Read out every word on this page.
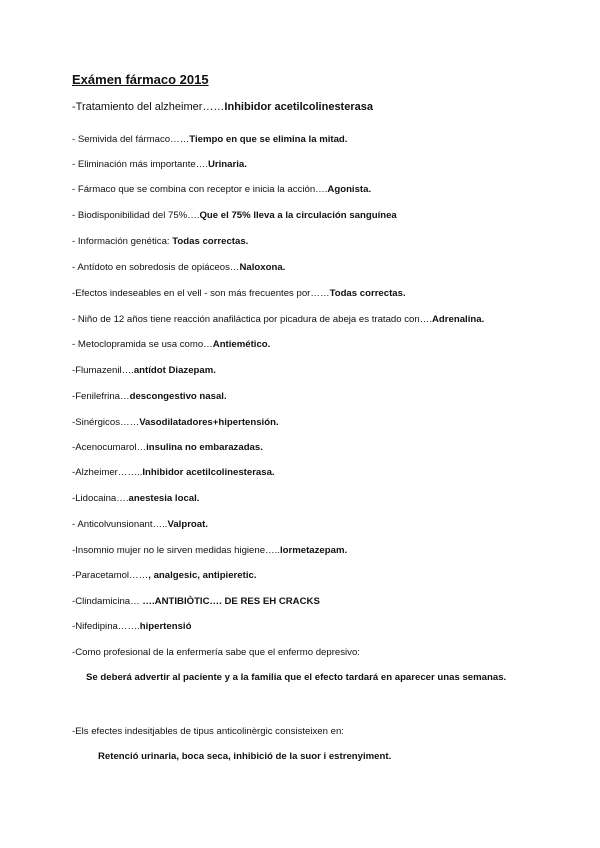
Exámen fármaco 2015
-Tratamiento del alzheimer……Inhibidor acetilcolinesterasa
- Semivida del fármaco……Tiempo en que se elimina la mitad.
- Eliminación más importante….Urinaria.
- Fármaco que se combina con receptor e inicia la acción….Agonista.
- Biodisponibilidad del 75%….Que el 75% lleva a la circulación sanguínea
- Información genética: Todas correctas.
- Antídoto en sobredosis de opiáceos…Naloxona.
-Efectos indeseables en el vell - son más frecuentes por……Todas correctas.
- Niño de 12 años tiene reacción anafiláctica por picadura de abeja es tratado con….Adrenalina.
- Metoclopramida se usa como…Antiemético.
-Flumazenil….antídot Diazepam.
-Fenilefrina…descongestivo nasal.
-Sinérgicos……Vasodilatadores+hipertensión.
-Acenocumarol…insulina no embarazadas.
-Alzheimer……..Inhibidor acetilcolinesterasa.
-Lidocaina….anestesia local.
- Anticolvunsionant…..Valproat.
-Insomnio mujer no le sirven medidas higiene…..lormetazepam.
-Paracetamol……, analgesic, antipieretic.
-Clindamicina… ….ANTIBIÒTIC…. DE RES EH CRACKS
-Nifedipina…….hipertensió
-Como profesional de la enfermería sabe que el enfermo depresivo:
Se deberá advertir al paciente y a la familia que el efecto tardará en aparecer unas semanas.
-Els efectes indesitjables de tipus anticolinèrgic consisteixen en:
Retenció urinaria, boca seca, inhibició de la suor i estrenyiment.
